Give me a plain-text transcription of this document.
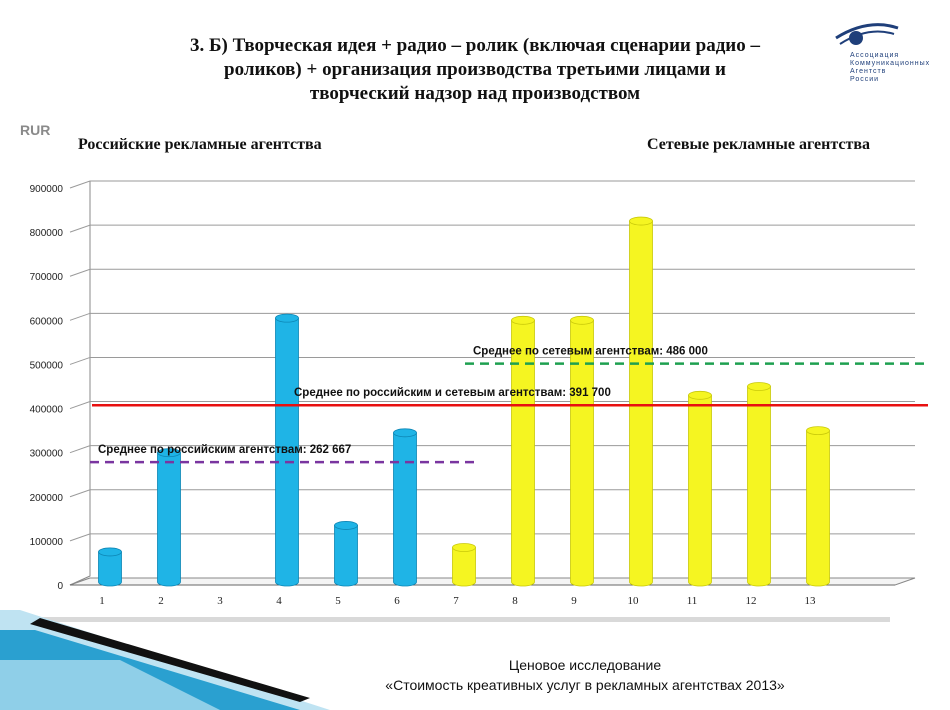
3. Б) Творческая идея + радио – ролик (включая сценарии радио –
роликов) + организация производства третьими лицами и
творческий надзор над производством
Ассоциация
Коммуникационных
Агентств
России
RUR
Российские рекламные агентства	Сетевые рекламные агентства
0
100000
200000
300000
400000
500000
600000
700000
800000
900000
1	2	3	4	5	6	7	8	9	10	11	12	13
Среднее по российским агентствам: 262 667
Среднее по российским и сетевым агентствам: 391 700
Среднее по сетевым агентствам: 486 000
Ценовое исследование
«Стоимость креативных услуг в рекламных агентствах 2013»
